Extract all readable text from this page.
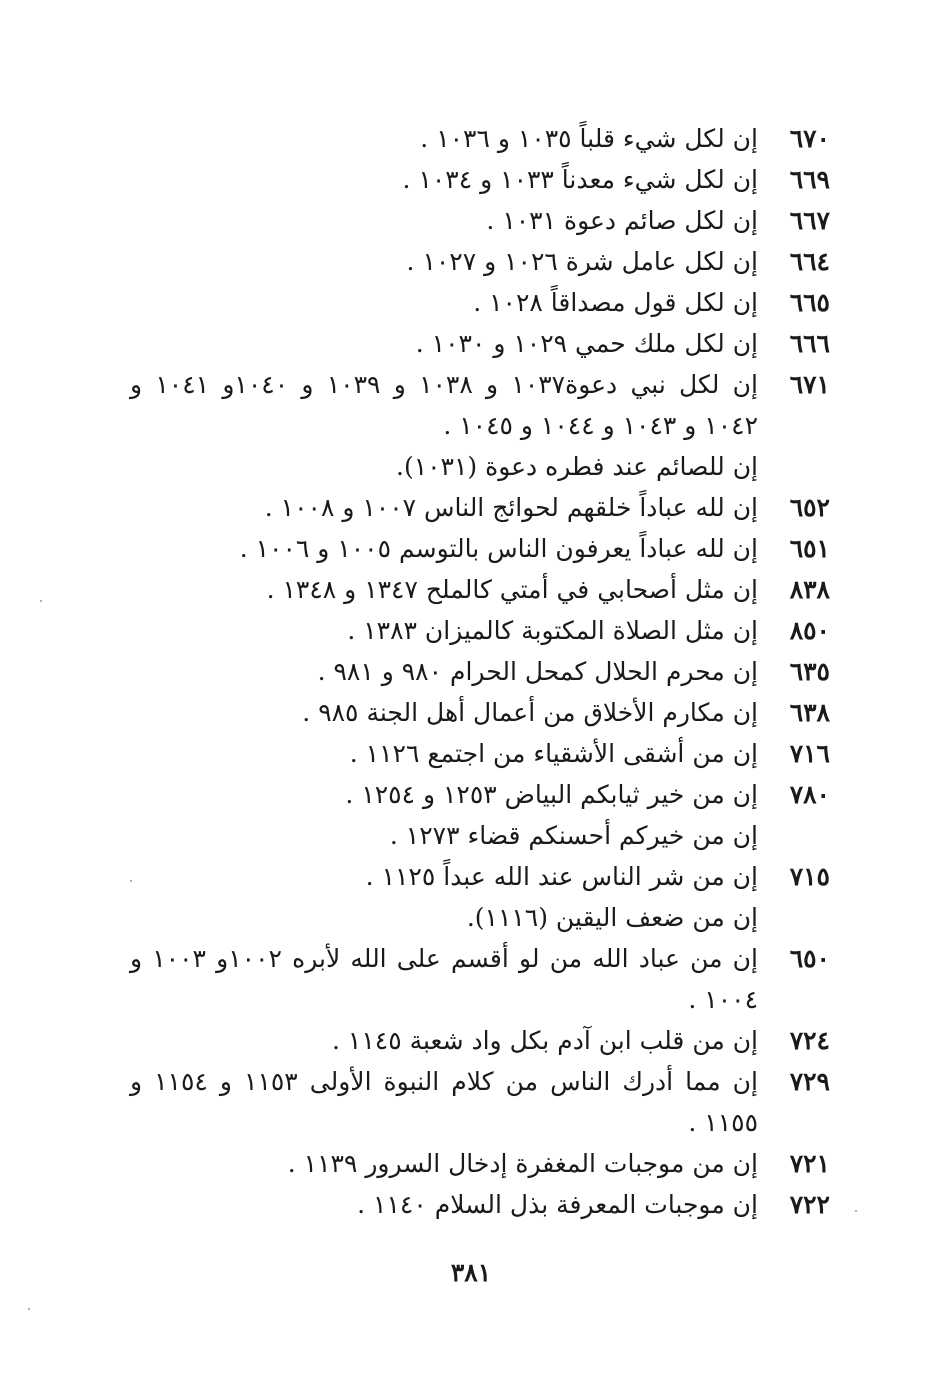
٦٧٠
إن لكل شيء قلباً ١٠٣٥ و ١٠٣٦ .
٦٦٩
إن لكل شيء معدناً ١٠٣٣ و ١٠٣٤ .
٦٦٧
إن لكل صائم دعوة ١٠٣١ .
٦٦٤
إن لكل عامل شرة ١٠٢٦ و ١٠٢٧ .
٦٦٥
إن لكل قول مصداقاً ١٠٢٨ .
٦٦٦
إن لكل ملك حمي ١٠٢٩ و ١٠٣٠ .
٦٧١
إن لكل نبي دعوة١٠٣٧ و ١٠٣٨ و ١٠٣٩ و ١٠٤٠و ١٠٤١ و ١٠٤٢ و ١٠٤٣ و ١٠٤٤ و ١٠٤٥ .
إن للصائم عند فطره دعوة (١٠٣١).
٦٥٢
إن لله عباداً خلقهم لحوائج الناس ١٠٠٧ و ١٠٠٨ .
٦٥١
إن لله عباداً يعرفون الناس بالتوسم ١٠٠٥ و ١٠٠٦ .
٨٣٨
إن مثل أصحابي في أمتي كالملح ١٣٤٧ و ١٣٤٨ .
٨٥٠
إن مثل الصلاة المكتوبة كالميزان ١٣٨٣ .
٦٣٥
إن محرم الحلال كمحل الحرام ٩٨٠ و ٩٨١ .
٦٣٨
إن مكارم الأخلاق من أعمال أهل الجنة ٩٨٥ .
٧١٦
إن من أشقى الأشقياء من اجتمع ١١٢٦ .
٧٨٠
إن من خير ثيابكم البياض ١٢٥٣ و ١٢٥٤ .
إن من خيركم أحسنكم قضاء ١٢٧٣ .
٧١٥
إن من شر الناس عند الله عبداً ١١٢٥ .
إن من ضعف اليقين (١١١٦).
٦٥٠
إن من عباد الله من لو أقسم على الله لأبره ١٠٠٢و ١٠٠٣ و ١٠٠٤ .
٧٢٤
إن من قلب ابن آدم بكل واد شعبة ١١٤٥ .
٧٢٩
إن مما أدرك الناس من كلام النبوة الأولى ١١٥٣ و ١١٥٤ و ١١٥٥ .
٧٢١
إن من موجبات المغفرة إدخال السرور ١١٣٩ .
٧٢٢
إن موجبات المعرفة بذل السلام ١١٤٠ .
٣٨١
